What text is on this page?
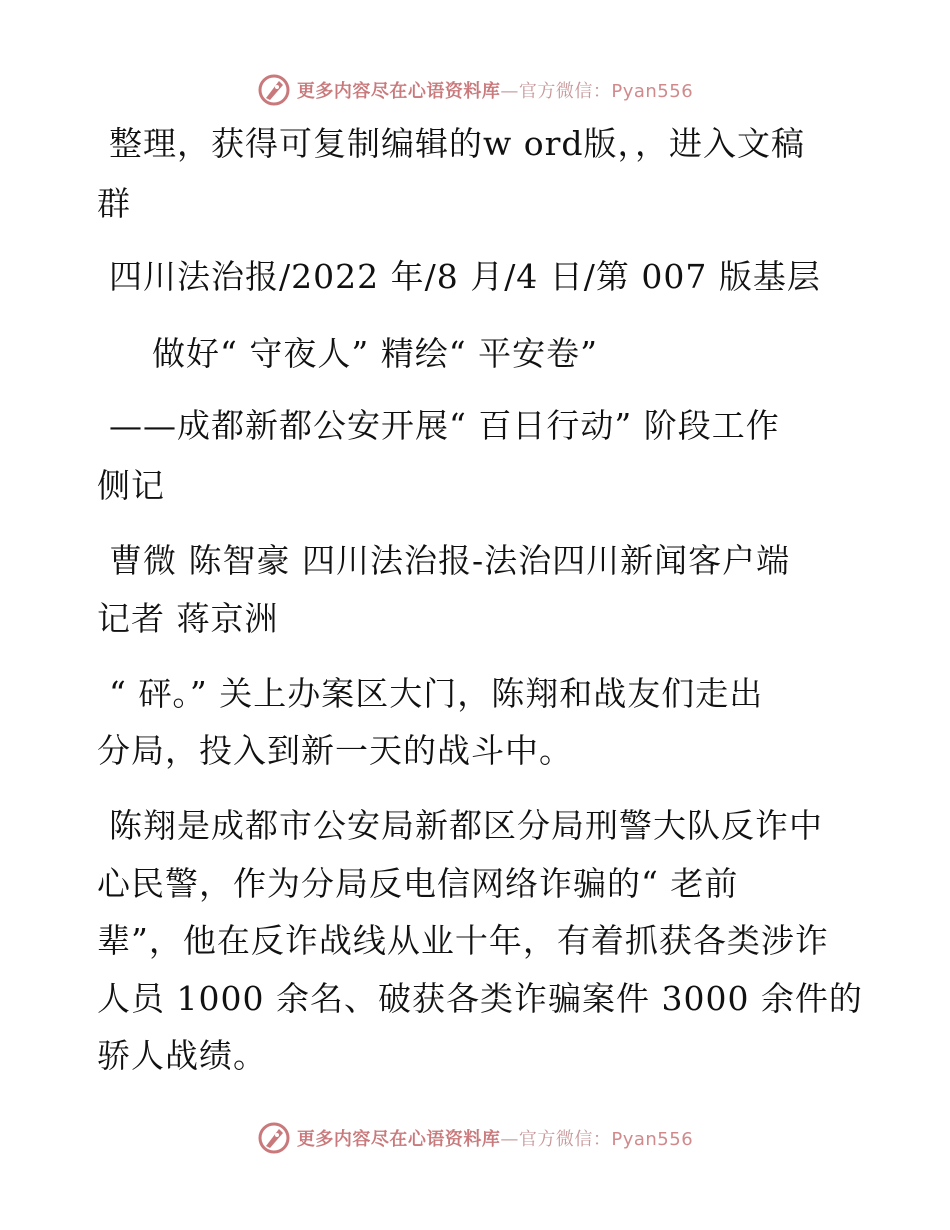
更多内容尽在心语资料库—官方微信：Pyan556
整理，获得可复制编辑的w ord版，，进入文稿
群
四川法治报/2022 年/8 月/4 日/第 007 版基层
做好“ 守夜人” 精绘“ 平安卷”
——成都新都公安开展“ 百日行动” 阶段工作
侧记
曹微 陈智豪 四川法治报-法治四川新闻客户端
记者 蒋京洲
“ 砰。” 关上办案区大门，陈翔和战友们走出
分局，投入到新一天的战斗中。
陈翔是成都市公安局新都区分局刑警大队反诈中
心民警，作为分局反电信网络诈骗的“ 老前
辈”，他在反诈战线从业十年，有着抓获各类涉诈
人员 1000 余名、破获各类诈骗案件 3000 余件的
骄人战绩。
更多内容尽在心语资料库—官方微信：Pyan556
